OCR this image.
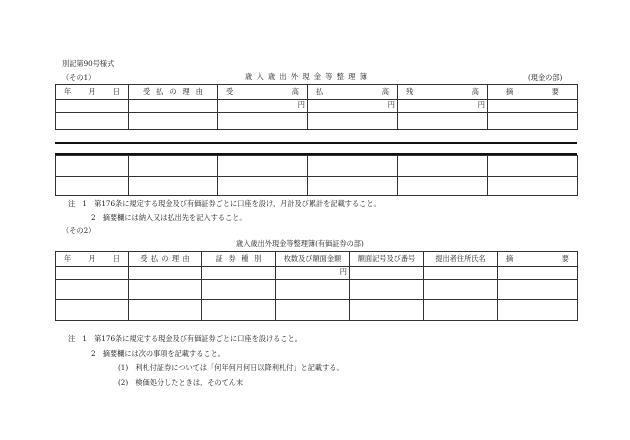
別記第90号様式
（その1）	歳 入 歳 出 外 現 金 等 整 理 簿	(現金の部)
年 月 日	受 払 の 理 由	受 高	払 高	残 高	摘 要

		円	円	円	

注　1　第176条に規定する現金及び有価証券ごとに口座を設け、月計及び累計を記載すること。
2　摘要欄には納入又は払出先を記入すること。
（その2）
歳入歳出外現金等整理簿(有価証券の部)
年 月 日	受 払 の 理 由	証 券 種 別	枚数及び額面金額	額面記号及び番号	提出者住所氏名	摘 要

			円			

注　1　第176条に規定する現金及び有価証券ごとに口座を設けること。
2　摘要欄には次の事項を記載すること。
(1)　利札付証券については「何年何月何日以降利札付」と記載する。
(2)　検価処分したときは、そのてん末
